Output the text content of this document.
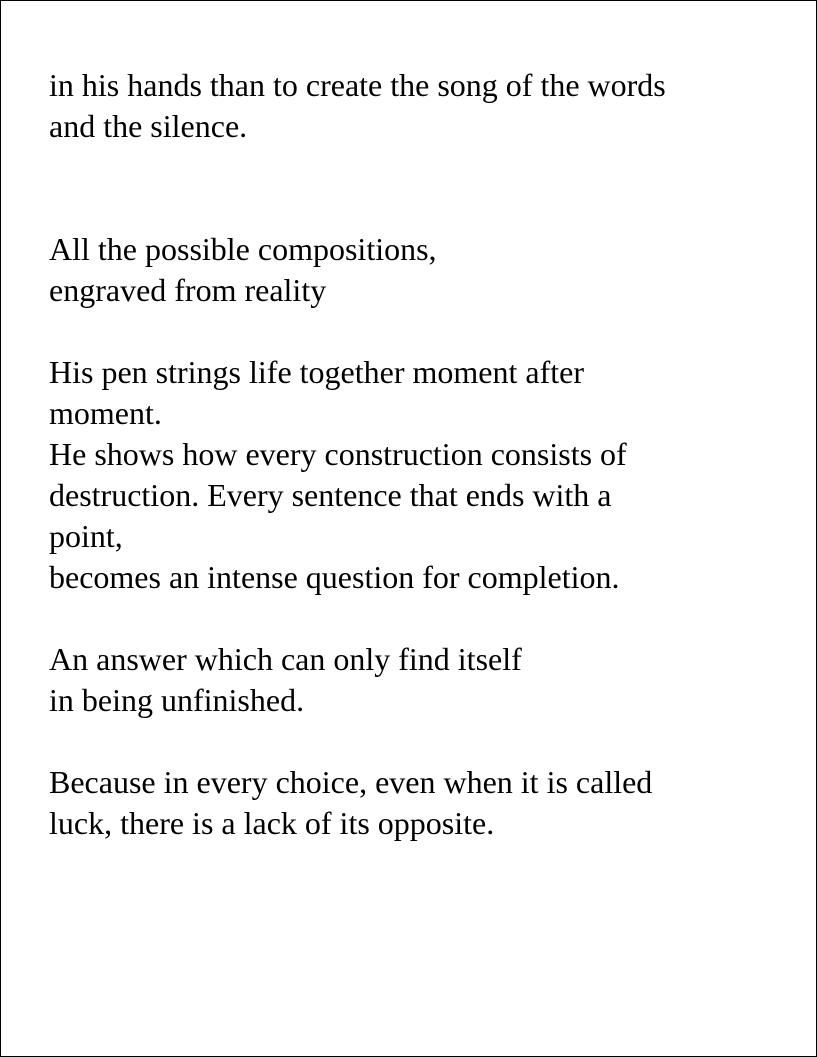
in his hands than to create the song of the words
and the silence.
All the possible compositions,
engraved from reality
His pen strings life together moment after
moment.
He shows how every construction consists of
destruction. Every sentence that ends with a
point,
becomes an intense question for completion.
An answer which can only find itself
in being unfinished.
Because in every choice, even when it is called
luck, there is a lack of its opposite.
